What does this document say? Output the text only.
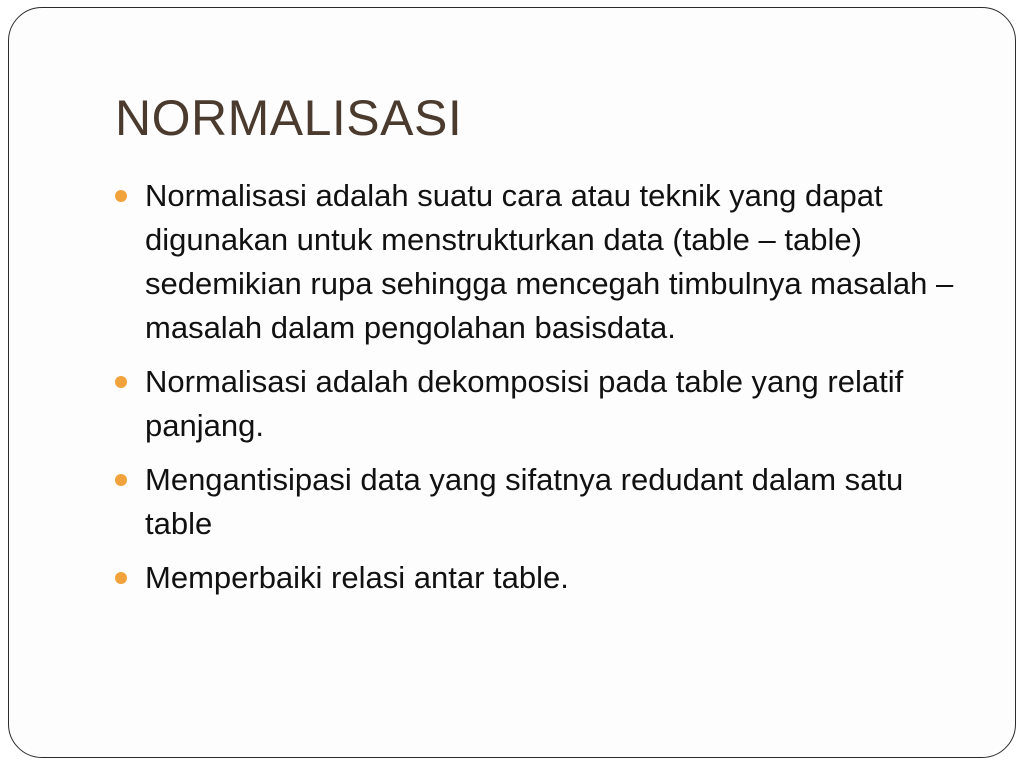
NORMALISASI
Normalisasi adalah suatu cara atau teknik yang dapat digunakan untuk menstrukturkan data (table – table) sedemikian rupa sehingga mencegah timbulnya masalah – masalah dalam pengolahan basisdata.
Normalisasi adalah dekomposisi pada table yang relatif panjang.
Mengantisipasi data yang sifatnya redudant dalam satu table
Memperbaiki relasi antar table.
